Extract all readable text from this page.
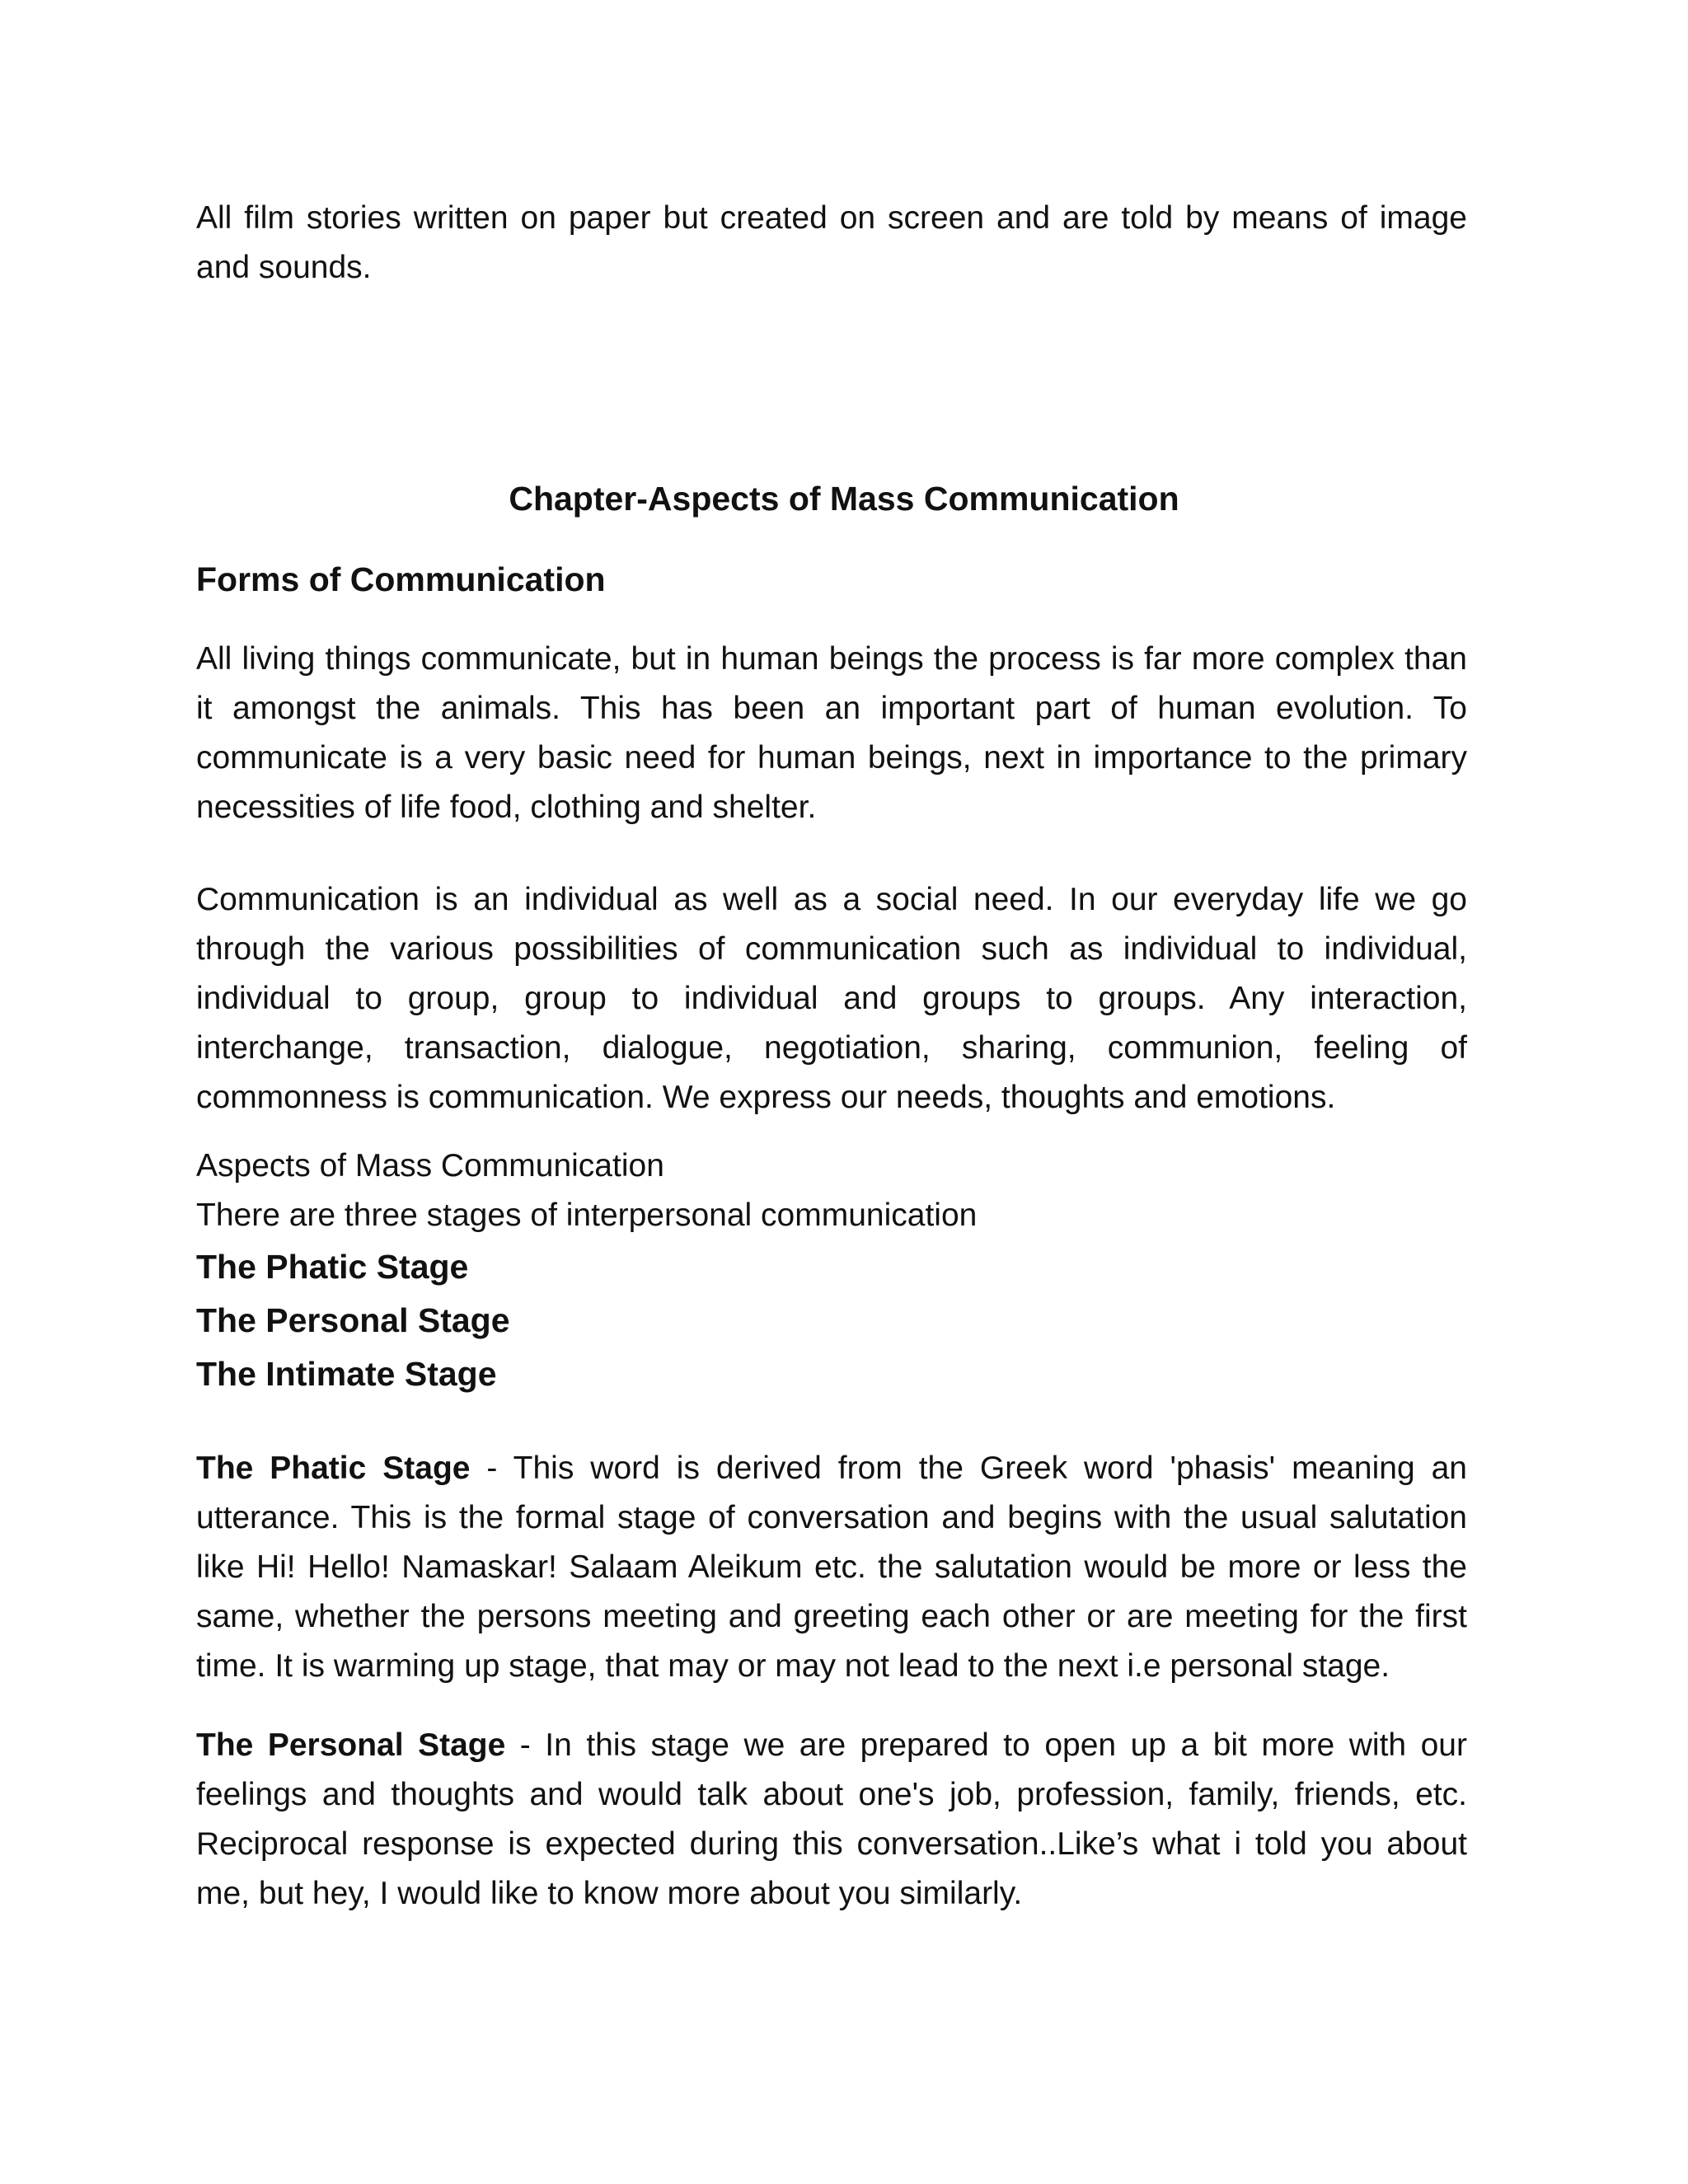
All film stories written on paper but created on screen and are told by means of image and sounds.

Chapter-Aspects of Mass Communication
Forms of Communication

All living things communicate, but in human beings the process is far more complex than it amongst the animals. This has been an important part of human evolution. To communicate is a very basic need for human beings, next in importance to the primary necessities of life food, clothing and shelter.

Communication is an individual as well as a social need. In our everyday life we go through the various possibilities of communication such as individual to individual, individual to group, group to individual and groups to groups. Any interaction, interchange, transaction, dialogue, negotiation, sharing, communion, feeling of commonness is communication. We express our needs, thoughts and emotions.

Aspects of Mass Communication

There are three stages of interpersonal communication

The Phatic Stage

The Personal Stage

The Intimate Stage

The Phatic Stage - This word is derived from the Greek word 'phasis' meaning an utterance. This is the formal stage of conversation and begins with the usual salutation like Hi! Hello! Namaskar! Salaam Aleikum etc. the salutation would be more or less the same, whether the persons meeting and greeting each other or are meeting for the first time. It is warming up stage, that may or may not lead to the next i.e personal stage.

The Personal Stage - In this stage we are prepared to open up a bit more with our feelings and thoughts and would talk about one's job, profession, family, friends, etc. Reciprocal response is expected during this conversation..Like’s what i told you about me, but hey, I would like to know more about you similarly.
